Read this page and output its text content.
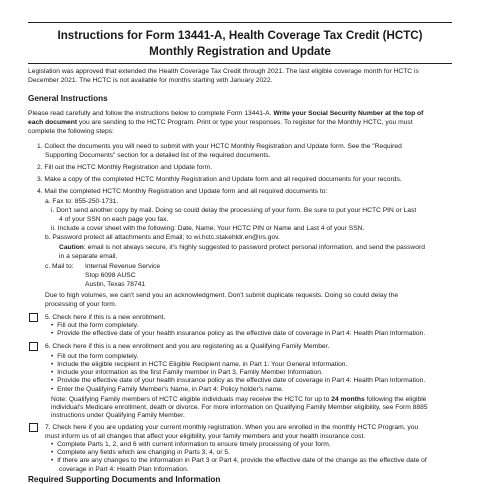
Instructions for Form 13441-A, Health Coverage Tax Credit (HCTC)
Monthly Registration and Update
Legislation was approved that extended the Health Coverage Tax Credit through 2021. The last eligible coverage month for HCTC is
December 2021. The HCTC is not available for months starting with January 2022.
General Instructions
Please read carefully and follow the instructions below to complete Form 13441-A. Write your Social Security Number at the top of
each document you are sending to the HCTC Program. Print or type your responses. To register for the Monthly HCTC, you must
complete the following steps:
1. Collect the documents you will need to submit with your HCTC Monthly Registration and Update form. See the "Required
Supporting Documents" section for a detailed list of the required documents.
2. Fill out the HCTC Monthly Registration and Update form.
3. Make a copy of the completed HCTC Monthly Registration and Update form and all required documents for your records.
4. Mail the completed HCTC Monthly Registration and Update form and all required documents to:
a. Fax to: 855-250-1731.
i. Don't send another copy by mail. Doing so could delay the processing of your form. Be sure to put your HCTC PIN or Last
4 of your SSN on each page you fax.
ii. Include a cover sheet with the following: Date, Name, Your HCTC PIN or Name and Last 4 of your SSN.
b. Password protect all attachments and Email; to wi.hctc.stakehldr.en@irs.gov.
Caution: email is not always secure, it's highly suggested to password protect personal information, and send the password
in a separate email.
c. Mail to: Internal Revenue Service
Stop 6098 AUSC
Austin, Texas 78741
Due to high volumes, we can't send you an acknowledgment. Don't submit duplicate requests. Doing so could delay the
processing of your form.
5. Check here if this is a new enrollment.
• Fill out the form completely.
• Provide the effective date of your health insurance policy as the effective date of coverage in Part 4: Health Plan Information.
6. Check here if this is a new enrollment and you are registering as a Qualifying Family Member.
• Fill out the form completely.
• Include the eligible recipient in HCTC Eligible Recipient name, in Part 1: Your General Information.
• Include your information as the first Family member in Part 3, Family Member Information.
• Provide the effective date of your health insurance policy as the effective date of coverage in Part 4: Health Plan Information.
• Enter the Qualifying Family Member's Name, in Part 4: Policy holder's name.
Note: Qualifying Family members of HCTC eligible individuals may receive the HCTC for up to 24 months following the eligible
individual's Medicare enrollment, death or divorce. For more information on Qualifying Family Member eligibility, see Form 8885
instructions under Qualifying Family Member.
7. Check here if you are updating your current monthly registration. When you are enrolled in the monthly HCTC Program, you
must inform us of all changes that affect your eligibility, your family members and your health insurance cost.
• Complete Parts 1, 2, and 6 with current information to ensure timely processing of your form.
• Complete any fields which are changing in Parts 3, 4, or 5.
• If there are any changes to the information in Part 3 or Part 4, provide the effective date of the change as the effective date of
coverage in Part 4: Health Plan Information.
Required Supporting Documents and Information
